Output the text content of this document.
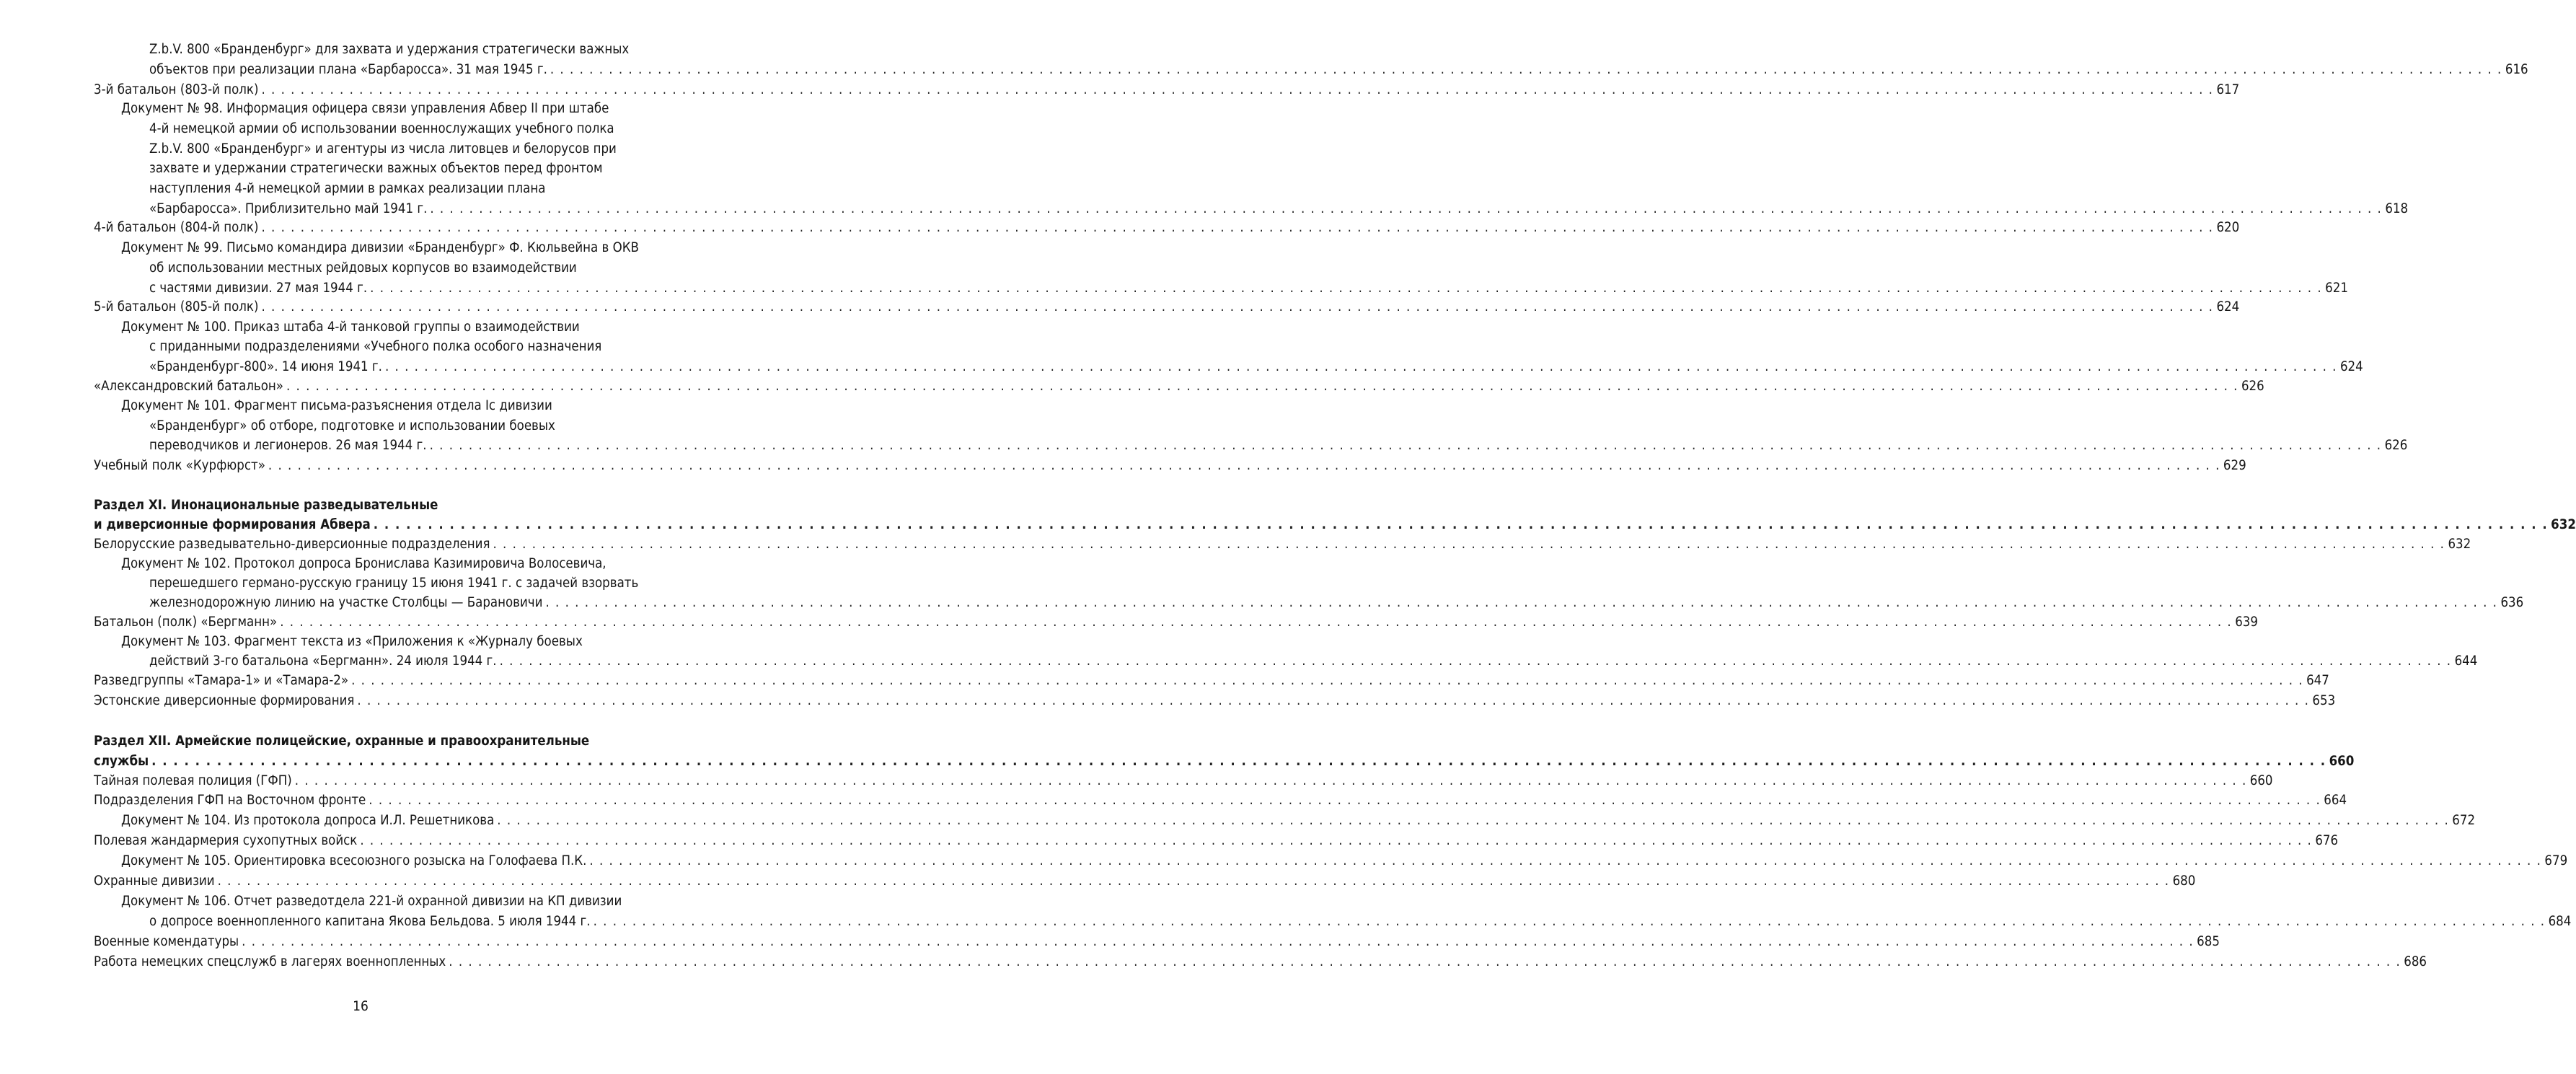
Z.b.V. 800 «Бранденбург» для захвата и удержания стратегически важных
объектов при реализации плана «Барбаросса». 31 мая 1945 г. . . . . . . . . . . . . . . . . . . . . . . . . . . . . . . . . . . . . . . . . . . . . . . . . . . . . . . . . . . . . . . . . . . . . . . . . . . . . . . . . . . . . . . . . . . . . . . . . . . . . . . . . . . . . . . . . . . . . . . . . . . . . . . . . . . . . . . . . . . . . . . . . . . . . . . . . . . . . . . . . . . . . . . . . . . . . . . . . . . . . . . . . . . . . . . . . . . . . . . . . 616
3-й батальон (803-й полк) . . . . . . . . . . . . . . . . . . . . . . . . . . . . . . . . . . . . . . . . . . . . . . . . . . . . . . . . . . . . . . . . . . . . . . . . . . . . . . . . . . . . . . . . . . . . . . . . . . . . . . . . . . . . . . . . . . . . . . . . . . . . . . . . . . . . . . . . . . . . . . . . . . . . . . . . . . . . . . . . . . . . . . . . . . . . . . . . . . . . . . . . . . . . . . . . . . . . . . . . 617
Документ № 98. Информация офицера связи управления Абвер II при штабе
4-й немецкой армии об использовании военнослужащих учебного полка
Z.b.V. 800 «Бранденбург» и агентуры из числа литовцев и белорусов при
захвате и удержании стратегически важных объектов перед фронтом
наступления 4-й немецкой армии в рамках реализации плана
«Барбаросса». Приблизительно май 1941 г. . . . . . . . . . . . . . . . . . . . . . . . . . . . . . . . . . . . . . . . . . . . . . . . . . . . . . . . . . . . . . . . . . . . . . . . . . . . . . . . . . . . . . . . . . . . . . . . . . . . . . . . . . . . . . . . . . . . . . . . . . . . . . . . . . . . . . . . . . . . . . . . . . . . . . . . . . . . . . . . . . . . . . . . . . . . . . . . . . . . . . . . . . . . . . . . . . . . . . . . . 618
4-й батальон (804-й полк) . . . . . . . . . . . . . . . . . . . . . . . . . . . . . . . . . . . . . . . . . . . . . . . . . . . . . . . . . . . . . . . . . . . . . . . . . . . . . . . . . . . . . . . . . . . . . . . . . . . . . . . . . . . . . . . . . . . . . . . . . . . . . . . . . . . . . . . . . . . . . . . . . . . . . . . . . . . . . . . . . . . . . . . . . . . . . . . . . . . . . . . . . . . . . . . . . . . . . . . . 620
Документ № 99. Письмо командира дивизии «Бранденбург» Ф. Кюльвейна в ОКВ
об использовании местных рейдовых корпусов во взаимодействии
с частями дивизии. 27 мая 1944 г. . . . . . . . . . . . . . . . . . . . . . . . . . . . . . . . . . . . . . . . . . . . . . . . . . . . . . . . . . . . . . . . . . . . . . . . . . . . . . . . . . . . . . . . . . . . . . . . . . . . . . . . . . . . . . . . . . . . . . . . . . . . . . . . . . . . . . . . . . . . . . . . . . . . . . . . . . . . . . . . . . . . . . . . . . . . . . . . . . . . . . . . . . . . . . . . . . . . . . . . . 621
5-й батальон (805-й полк) . . . . . . . . . . . . . . . . . . . . . . . . . . . . . . . . . . . . . . . . . . . . . . . . . . . . . . . . . . . . . . . . . . . . . . . . . . . . . . . . . . . . . . . . . . . . . . . . . . . . . . . . . . . . . . . . . . . . . . . . . . . . . . . . . . . . . . . . . . . . . . . . . . . . . . . . . . . . . . . . . . . . . . . . . . . . . . . . . . . . . . . . . . . . . . . . . . . . . . . . 624
Документ № 100. Приказ штаба 4-й танковой группы о взаимодействии
с приданными подразделениями «Учебного полка особого назначения
«Бранденбург-800». 14 июня 1941 г. . . . . . . . . . . . . . . . . . . . . . . . . . . . . . . . . . . . . . . . . . . . . . . . . . . . . . . . . . . . . . . . . . . . . . . . . . . . . . . . . . . . . . . . . . . . . . . . . . . . . . . . . . . . . . . . . . . . . . . . . . . . . . . . . . . . . . . . . . . . . . . . . . . . . . . . . . . . . . . . . . . . . . . . . . . . . . . . . . . . . . . . . . . . . . . . . . . . . . . . . 624
«Александровский батальон» . . . . . . . . . . . . . . . . . . . . . . . . . . . . . . . . . . . . . . . . . . . . . . . . . . . . . . . . . . . . . . . . . . . . . . . . . . . . . . . . . . . . . . . . . . . . . . . . . . . . . . . . . . . . . . . . . . . . . . . . . . . . . . . . . . . . . . . . . . . . . . . . . . . . . . . . . . . . . . . . . . . . . . . . . . . . . . . . . . . . . . . . . . . . . . . . . . . . . . . . 626
Документ № 101. Фрагмент письма-разъяснения отдела Ic дивизии
«Бранденбург» об отборе, подготовке и использовании боевых
переводчиков и легионеров. 26 мая 1944 г. . . . . . . . . . . . . . . . . . . . . . . . . . . . . . . . . . . . . . . . . . . . . . . . . . . . . . . . . . . . . . . . . . . . . . . . . . . . . . . . . . . . . . . . . . . . . . . . . . . . . . . . . . . . . . . . . . . . . . . . . . . . . . . . . . . . . . . . . . . . . . . . . . . . . . . . . . . . . . . . . . . . . . . . . . . . . . . . . . . . . . . . . . . . . . . . . . . . . . . . . 626
Учебный полк «Курфюрст» . . . . . . . . . . . . . . . . . . . . . . . . . . . . . . . . . . . . . . . . . . . . . . . . . . . . . . . . . . . . . . . . . . . . . . . . . . . . . . . . . . . . . . . . . . . . . . . . . . . . . . . . . . . . . . . . . . . . . . . . . . . . . . . . . . . . . . . . . . . . . . . . . . . . . . . . . . . . . . . . . . . . . . . . . . . . . . . . . . . . . . . . . . . . . . . . . . . . . . . . 629
Раздел XI. Инонациональные разведывательные
и диверсионные формирования Абвера . . . . . . . . . . . . . . . . . . . . . . . . . . . . . . . . . . . . . . . . . . . . . . . . . . . . . . . . . . . . . . . . . . . . . . . . . . . . . . . . . . . . . . . . . . . . . . . . . . . . . . . . . . . . . . . . . . . . . . . . . . . . . . . . . . . . . . . . . . . . . . . . . . . . . . . . . . . . . . . . . . . . . . . . . . . . . . . . . . . . . . . . . . . . . . . . . . . . . . . . 632
Белорусские разведывательно-диверсионные подразделения . . . . . . . . . . . . . . . . . . . . . . . . . . . . . . . . . . . . . . . . . . . . . . . . . . . . . . . . . . . . . . . . . . . . . . . . . . . . . . . . . . . . . . . . . . . . . . . . . . . . . . . . . . . . . . . . . . . . . . . . . . . . . . . . . . . . . . . . . . . . . . . . . . . . . . . . . . . . . . . . . . . . . . . . . . . . . . . . . . . . . . . . . . . . . . . . . . . . . . . . 632
Документ № 102. Протокол допроса Бронислава Казимировича Волосевича,
перешедшего германо-русскую границу 15 июня 1941 г. с задачей взорвать
железнодорожную линию на участке Столбцы — Барановичи . . . . . . . . . . . . . . . . . . . . . . . . . . . . . . . . . . . . . . . . . . . . . . . . . . . . . . . . . . . . . . . . . . . . . . . . . . . . . . . . . . . . . . . . . . . . . . . . . . . . . . . . . . . . . . . . . . . . . . . . . . . . . . . . . . . . . . . . . . . . . . . . . . . . . . . . . . . . . . . . . . . . . . . . . . . . . . . . . . . . . . . . . . . . . . . . . . . . . . . . 636
Батальон (полк) «Бергманн» . . . . . . . . . . . . . . . . . . . . . . . . . . . . . . . . . . . . . . . . . . . . . . . . . . . . . . . . . . . . . . . . . . . . . . . . . . . . . . . . . . . . . . . . . . . . . . . . . . . . . . . . . . . . . . . . . . . . . . . . . . . . . . . . . . . . . . . . . . . . . . . . . . . . . . . . . . . . . . . . . . . . . . . . . . . . . . . . . . . . . . . . . . . . . . . . . . . . . . . . 639
Документ № 103. Фрагмент текста из «Приложения к «Журналу боевых
действий 3-го батальона «Бергманн». 24 июля 1944 г. . . . . . . . . . . . . . . . . . . . . . . . . . . . . . . . . . . . . . . . . . . . . . . . . . . . . . . . . . . . . . . . . . . . . . . . . . . . . . . . . . . . . . . . . . . . . . . . . . . . . . . . . . . . . . . . . . . . . . . . . . . . . . . . . . . . . . . . . . . . . . . . . . . . . . . . . . . . . . . . . . . . . . . . . . . . . . . . . . . . . . . . . . . . . . . . . . . . . . . . . 644
Разведгруппы «Тамара-1» и «Тамара-2» . . . . . . . . . . . . . . . . . . . . . . . . . . . . . . . . . . . . . . . . . . . . . . . . . . . . . . . . . . . . . . . . . . . . . . . . . . . . . . . . . . . . . . . . . . . . . . . . . . . . . . . . . . . . . . . . . . . . . . . . . . . . . . . . . . . . . . . . . . . . . . . . . . . . . . . . . . . . . . . . . . . . . . . . . . . . . . . . . . . . . . . . . . . . . . . . . . . . . . . . 647
Эстонские диверсионные формирования . . . . . . . . . . . . . . . . . . . . . . . . . . . . . . . . . . . . . . . . . . . . . . . . . . . . . . . . . . . . . . . . . . . . . . . . . . . . . . . . . . . . . . . . . . . . . . . . . . . . . . . . . . . . . . . . . . . . . . . . . . . . . . . . . . . . . . . . . . . . . . . . . . . . . . . . . . . . . . . . . . . . . . . . . . . . . . . . . . . . . . . . . . . . . . . . . . . . . . . . 653
Раздел XII. Армейские полицейские, охранные и правоохранительные
службы . . . . . . . . . . . . . . . . . . . . . . . . . . . . . . . . . . . . . . . . . . . . . . . . . . . . . . . . . . . . . . . . . . . . . . . . . . . . . . . . . . . . . . . . . . . . . . . . . . . . . . . . . . . . . . . . . . . . . . . . . . . . . . . . . . . . . . . . . . . . . . . . . . . . . . . . . . . . . . . . . . . . . . . . . . . . . . . . . . . . . . . . . . . . . . . . . . . . . . . . 660
Тайная полевая полиция (ГФП) . . . . . . . . . . . . . . . . . . . . . . . . . . . . . . . . . . . . . . . . . . . . . . . . . . . . . . . . . . . . . . . . . . . . . . . . . . . . . . . . . . . . . . . . . . . . . . . . . . . . . . . . . . . . . . . . . . . . . . . . . . . . . . . . . . . . . . . . . . . . . . . . . . . . . . . . . . . . . . . . . . . . . . . . . . . . . . . . . . . . . . . . . . . . . . . . . . . . . . . . 660
Подразделения ГФП на Восточном фронте . . . . . . . . . . . . . . . . . . . . . . . . . . . . . . . . . . . . . . . . . . . . . . . . . . . . . . . . . . . . . . . . . . . . . . . . . . . . . . . . . . . . . . . . . . . . . . . . . . . . . . . . . . . . . . . . . . . . . . . . . . . . . . . . . . . . . . . . . . . . . . . . . . . . . . . . . . . . . . . . . . . . . . . . . . . . . . . . . . . . . . . . . . . . . . . . . . . . . . . . 664
Документ № 104. Из протокола допроса И.Л. Решетникова . . . . . . . . . . . . . . . . . . . . . . . . . . . . . . . . . . . . . . . . . . . . . . . . . . . . . . . . . . . . . . . . . . . . . . . . . . . . . . . . . . . . . . . . . . . . . . . . . . . . . . . . . . . . . . . . . . . . . . . . . . . . . . . . . . . . . . . . . . . . . . . . . . . . . . . . . . . . . . . . . . . . . . . . . . . . . . . . . . . . . . . . . . . . . . . . . . . . . . . . 672
Полевая жандармерия сухопутных войск . . . . . . . . . . . . . . . . . . . . . . . . . . . . . . . . . . . . . . . . . . . . . . . . . . . . . . . . . . . . . . . . . . . . . . . . . . . . . . . . . . . . . . . . . . . . . . . . . . . . . . . . . . . . . . . . . . . . . . . . . . . . . . . . . . . . . . . . . . . . . . . . . . . . . . . . . . . . . . . . . . . . . . . . . . . . . . . . . . . . . . . . . . . . . . . . . . . . . . . . 676
Документ № 105. Ориентировка всесоюзного розыска на Голофаева П.К. . . . . . . . . . . . . . . . . . . . . . . . . . . . . . . . . . . . . . . . . . . . . . . . . . . . . . . . . . . . . . . . . . . . . . . . . . . . . . . . . . . . . . . . . . . . . . . . . . . . . . . . . . . . . . . . . . . . . . . . . . . . . . . . . . . . . . . . . . . . . . . . . . . . . . . . . . . . . . . . . . . . . . . . . . . . . . . . . . . . . . . . . . . . . . . . . . . . . . . . . 679
Охранные дивизии . . . . . . . . . . . . . . . . . . . . . . . . . . . . . . . . . . . . . . . . . . . . . . . . . . . . . . . . . . . . . . . . . . . . . . . . . . . . . . . . . . . . . . . . . . . . . . . . . . . . . . . . . . . . . . . . . . . . . . . . . . . . . . . . . . . . . . . . . . . . . . . . . . . . . . . . . . . . . . . . . . . . . . . . . . . . . . . . . . . . . . . . . . . . . . . . . . . . . . . . 680
Документ № 106. Отчет разведотдела 221-й охранной дивизии на КП дивизии
о допросе военнопленного капитана Якова Бельдова. 5 июля 1944 г. . . . . . . . . . . . . . . . . . . . . . . . . . . . . . . . . . . . . . . . . . . . . . . . . . . . . . . . . . . . . . . . . . . . . . . . . . . . . . . . . . . . . . . . . . . . . . . . . . . . . . . . . . . . . . . . . . . . . . . . . . . . . . . . . . . . . . . . . . . . . . . . . . . . . . . . . . . . . . . . . . . . . . . . . . . . . . . . . . . . . . . . . . . . . . . . . . . . . . . . . 684
Военные комендатуры . . . . . . . . . . . . . . . . . . . . . . . . . . . . . . . . . . . . . . . . . . . . . . . . . . . . . . . . . . . . . . . . . . . . . . . . . . . . . . . . . . . . . . . . . . . . . . . . . . . . . . . . . . . . . . . . . . . . . . . . . . . . . . . . . . . . . . . . . . . . . . . . . . . . . . . . . . . . . . . . . . . . . . . . . . . . . . . . . . . . . . . . . . . . . . . . . . . . . . . . 685
Работа немецких спецслужб в лагерях военнопленных . . . . . . . . . . . . . . . . . . . . . . . . . . . . . . . . . . . . . . . . . . . . . . . . . . . . . . . . . . . . . . . . . . . . . . . . . . . . . . . . . . . . . . . . . . . . . . . . . . . . . . . . . . . . . . . . . . . . . . . . . . . . . . . . . . . . . . . . . . . . . . . . . . . . . . . . . . . . . . . . . . . . . . . . . . . . . . . . . . . . . . . . . . . . . . . . . . . . . . . . 686
16
